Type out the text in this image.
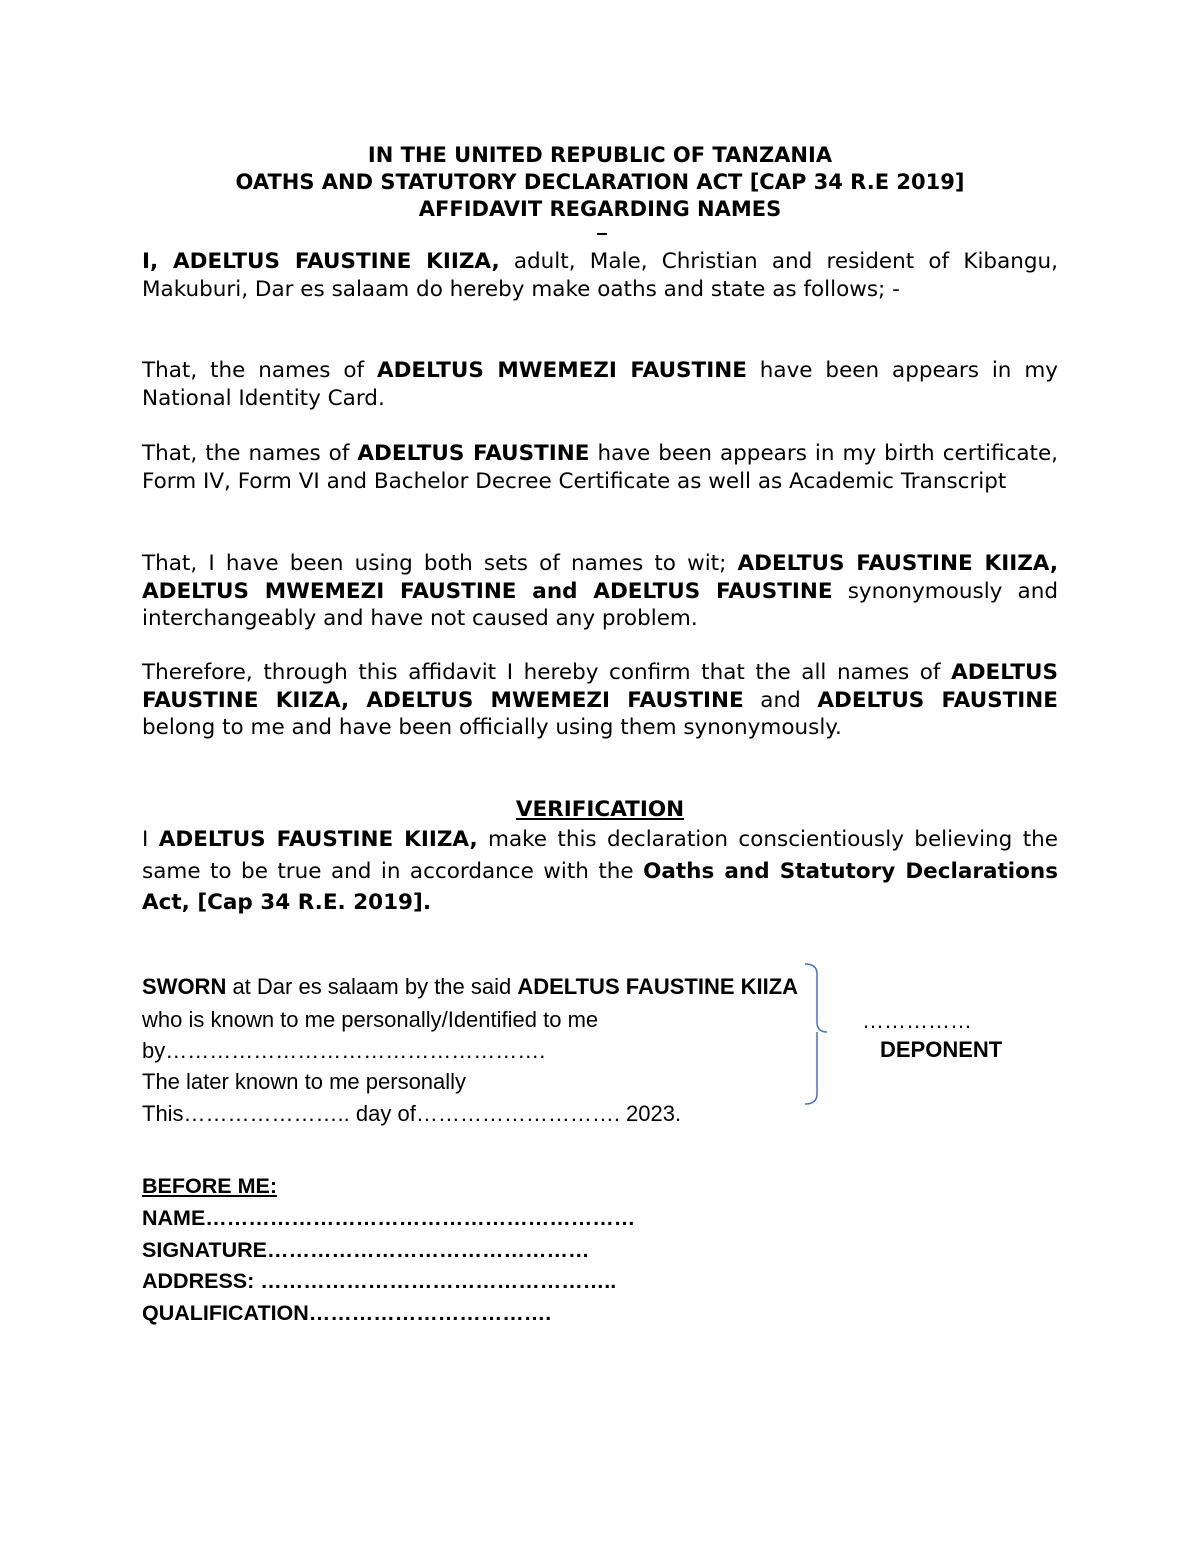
IN THE UNITED REPUBLIC OF TANZANIA
OATHS AND STATUTORY DECLARATION ACT [CAP 34 R.E 2019]
AFFIDAVIT REGARDING NAMES

I, ADELTUS FAUSTINE KIIZA, adult, Male, Christian and resident of Kibangu, Makuburi, Dar es salaam do hereby make oaths and state as follows; -

That, the names of ADELTUS MWEMEZI FAUSTINE have been appears in my National Identity Card.

That, the names of ADELTUS FAUSTINE have been appears in my birth certificate, Form IV, Form VI and Bachelor Decree Certificate as well as Academic Transcript

That, I have been using both sets of names to wit; ADELTUS FAUSTINE KIIZA, ADELTUS MWEMEZI FAUSTINE and ADELTUS FAUSTINE synonymously and interchangeably and have not caused any problem.

Therefore, through this affidavit I hereby confirm that the all names of ADELTUS FAUSTINE KIIZA, ADELTUS MWEMEZI FAUSTINE and ADELTUS FAUSTINE belong to me and have been officially using them synonymously.

VERIFICATION

I ADELTUS FAUSTINE KIIZA, make this declaration conscientiously believing the same to be true and in accordance with the Oaths and Statutory Declarations Act, [Cap 34 R.E. 2019].

SWORN at Dar es salaam by the said ADELTUS FAUSTINE KIIZA
who is known to me personally/Identified to me
by…………………………………………….
The later known to me personally
This………………….. day of………………………. 2023.
……………
DEPONENT
BEFORE ME:
NAME……………………………………………………
SIGNATURE………………………………………
ADDRESS: …………………………………………..
QUALIFICATION…………………………….
